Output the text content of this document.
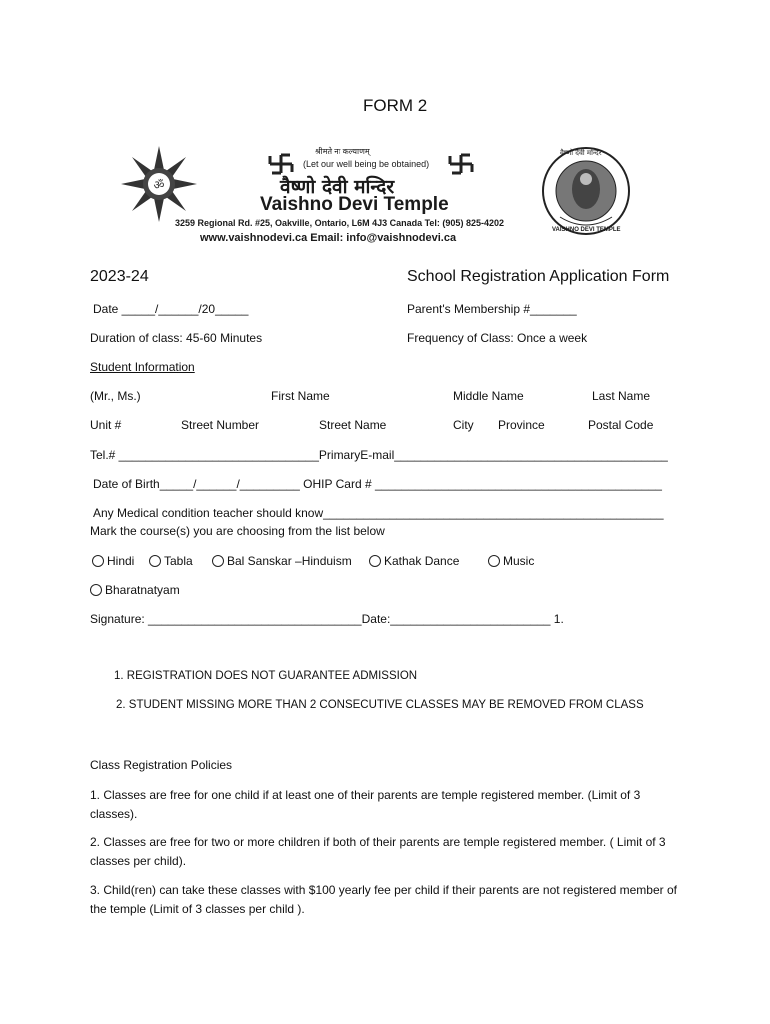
FORM 2
ॐ
श्रीमते नः कल्याणम्
(Let our well being be obtained)
वैष्णो देवी मन्दिर
Vaishno Devi Temple
3259 Regional Rd. #25, Oakville, Ontario, L6M 4J3 Canada Tel: (905) 825-4202
www.vaishnodevi.ca Email: info@vaishnodevi.ca
वैष्णो देवी मन्दिर
VAISHNO DEVI TEMPLE
2023-24	School Registration Application Form
Date _____/______/20_____	Parent's Membership #_______
Duration of class: 45-60 Minutes	Frequency of Class: Once a week
Student Information
(Mr., Ms.)	First Name	Middle Name	Last Name
Unit #	Street Number	Street Name	City Province	Postal Code
Tel.# ______________________________PrimaryE-mail_________________________________________
Date of Birth_____/______/_________ OHIP Card # ___________________________________________
Any Medical condition teacher should know___________________________________________________
Mark the course(s) you are choosing from the list below
Hindi	Tabla	Bal Sanskar –Hinduism	Kathak Dance	Music
Bharatnatyam
Signature: ________________________________Date:________________________ 1.
1. REGISTRATION DOES NOT GUARANTEE ADMISSION
2. STUDENT MISSING MORE THAN 2 CONSECUTIVE CLASSES MAY BE REMOVED FROM CLASS
Class Registration Policies
1. Classes are free for one child if at least one of their parents are temple registered member. (Limit of 3 classes).
2. Classes are free for two or more children if both of their parents are temple registered member. ( Limit of 3 classes per child).
3. Child(ren) can take these classes with $100 yearly fee per child if their parents are not registered member of the temple (Limit of 3 classes per child ).
